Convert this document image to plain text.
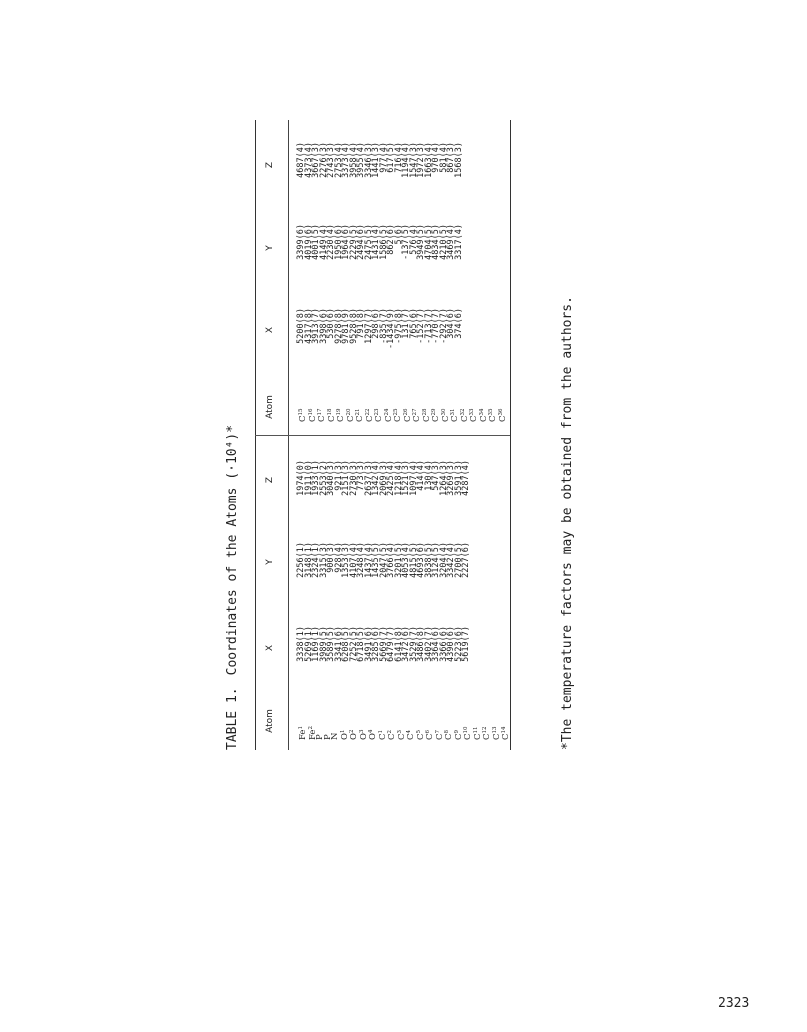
TABLE 1.Coordinates of the Atoms (·10⁴)*
Atom
X
Y
Z
Atom
X
Y
Z
Fe$^1$
Fe$^2$
P
P
N $O^1$
$O^2$
$O^3$
$O^4$
$C^1$
$C^2$
$C^3$
$C^4$
$C^5$
$C^6$
$C^7$
$C^8$
$C^9$
$C^{10}$
$C^{11}$
$C^{12}$
$C^{13}$
$C^{14}$
3338(1)
5269(1)
1169(1)
3989(5)
3589(5)
3341(6)
6208(5)
7252(5)
6718(5)
3491(6)
3285(6)
5669(7)
6479(7)
6141(8)
3472(6)
3529(7)
3486(8)
3402(7)
3364(6)
3366(6)
4390(6)
5223(6)
5619(7)
2256(1)
3148(1)
2324(1)
3315(3)
900(3)
928(4)
1353(3)
4107(4)
3248(4)
1437(4)
1435(5)
2047(5)
3766(4)
3201(5)
4053(4)
4815(5)
4693(6)
3838(5)
3124(5)
3204(4)
3342(4)
2700(5)
2227(6)
1974(0)
1911(0)
1933(1)
2553(2)
3040(3)
921(3)
2151(3)
2730(3)
773(3)
2637(3)
1342(4)
2069(3)
2425(4)
1218(4)
1521(3)
1097(4)
414(4)
130(4)
547(3)
1264(3)
3269(3)
3591(3)
4287(4)
$C^{15}$
$C^{16}$
$C^{17}$
$C^{18}$
$C^{19}$
$C^{20}$
$C^{21}$
$C^{22}$
$C^{23}$
$C^{24}$
$C^{25}$
$C^{26}$
$C^{27}$
$C^{28}$
$C^{29}$
$C^{30}$
$C^{31}$
$C^{32}$
$C^{33}$
$C^{34}$
$C^{35}$
$C^{36}$
5200(8)
4317(8)
3913(7)
3398(6)
530(6)
9278(8)
9781(9)
9528(8)
791(8)
1297(7)
298(6)
-835(7)
-1434(9)
-975(8)
131(7)
765(6)
-152(7)
-713(7)
-770(7)
-292(7)
304(6)
374(6)
3399(6)
4019(6)
4001(5)
4149(4)
2230(4)
1950(6)
1964(6)
2229(5)
2494(6)
2475(5)
1431(4)
1586(5)
862(6)
5(6)
-137(5)
576(4)
3949(5)
4704(5)
4834(5)
4210(5)
3469(4)
3317(4)
4687(4)
4373(4)
3667(3)
2276(3)
2743(3)
2753(4)
3373(4)
3958(4)
3955(4)
3346(3)
1441(3)
977(4)
617(5)
716(4)
1194(4)
1547(3)
1972(3)
1663(4)
970(4)
581(4)
867(3)
1568(3)
*The temperature factors may be obtained from the authors.
2323
